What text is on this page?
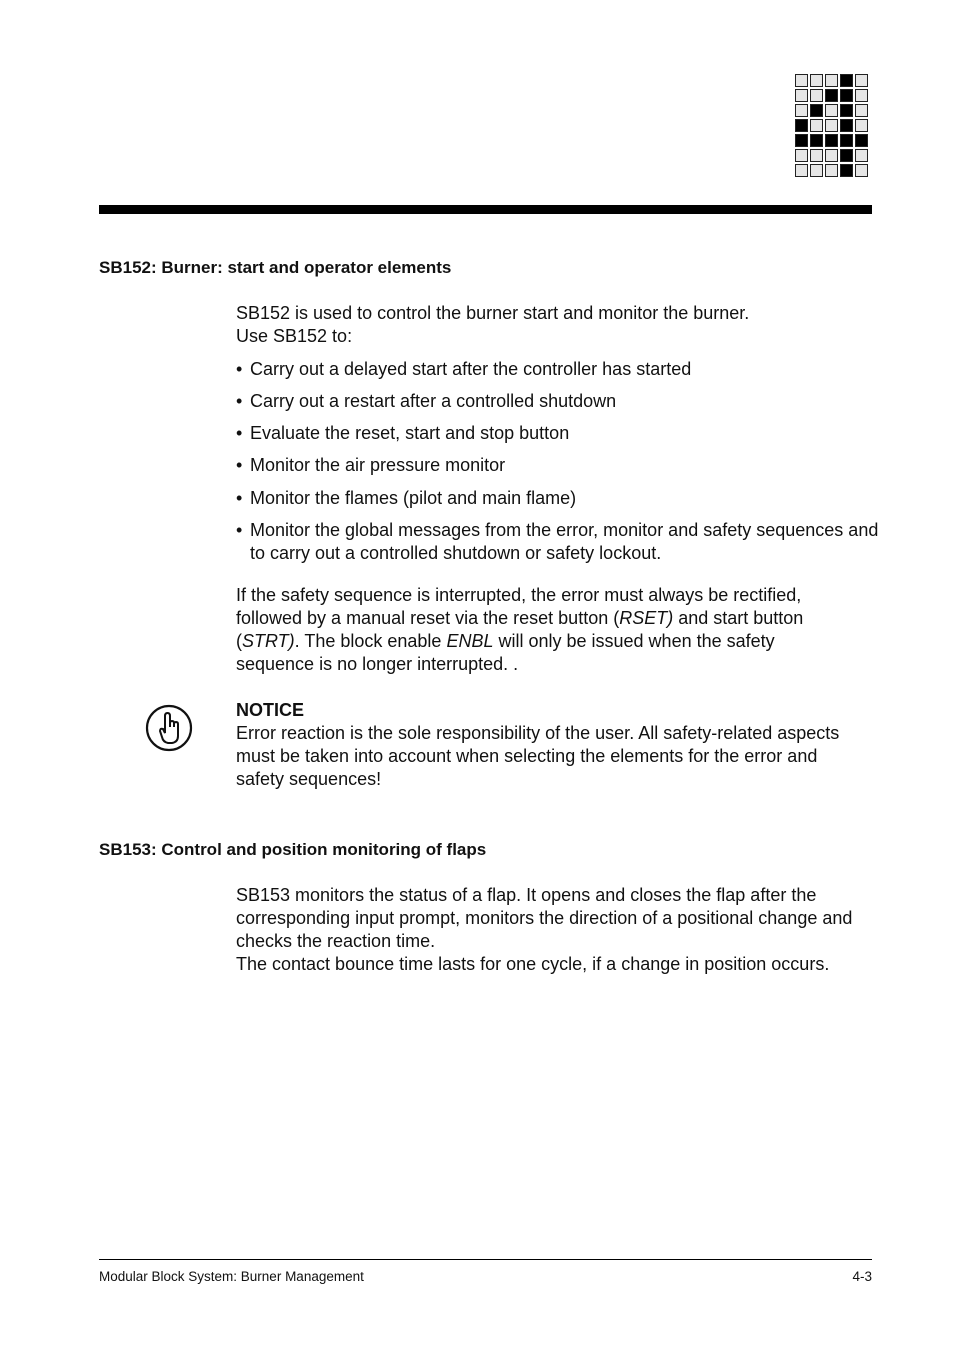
SB152: Burner: start and operator elements

SB152 is used to control the burner start and monitor the burner.
Use SB152 to:

• Carry out a delayed start after the controller has started
• Carry out a restart after a controlled shutdown
• Evaluate the reset, start and stop button
• Monitor the air pressure monitor
• Monitor the flames (pilot and main flame)
• Monitor the global messages from the error, monitor and safety sequences and to carry out a controlled shutdown or safety lockout.

If the safety sequence is interrupted, the error must always be rectified, followed by a manual reset via the reset button (RSET) and start button (STRT). The block enable ENBL will only be issued when the safety sequence is no longer interrupted. .

NOTICE
Error reaction is the sole responsibility of the user. All safety-related aspects must be taken into account when selecting the elements for the error and safety sequences!

SB153: Control and position monitoring of flaps

SB153 monitors the status of a flap. It opens and closes the flap after the corresponding input prompt, monitors the direction of a positional change and checks the reaction time.
The contact bounce time lasts for one cycle, if a change in position occurs.

Modular Block System: Burner Management	4-3
